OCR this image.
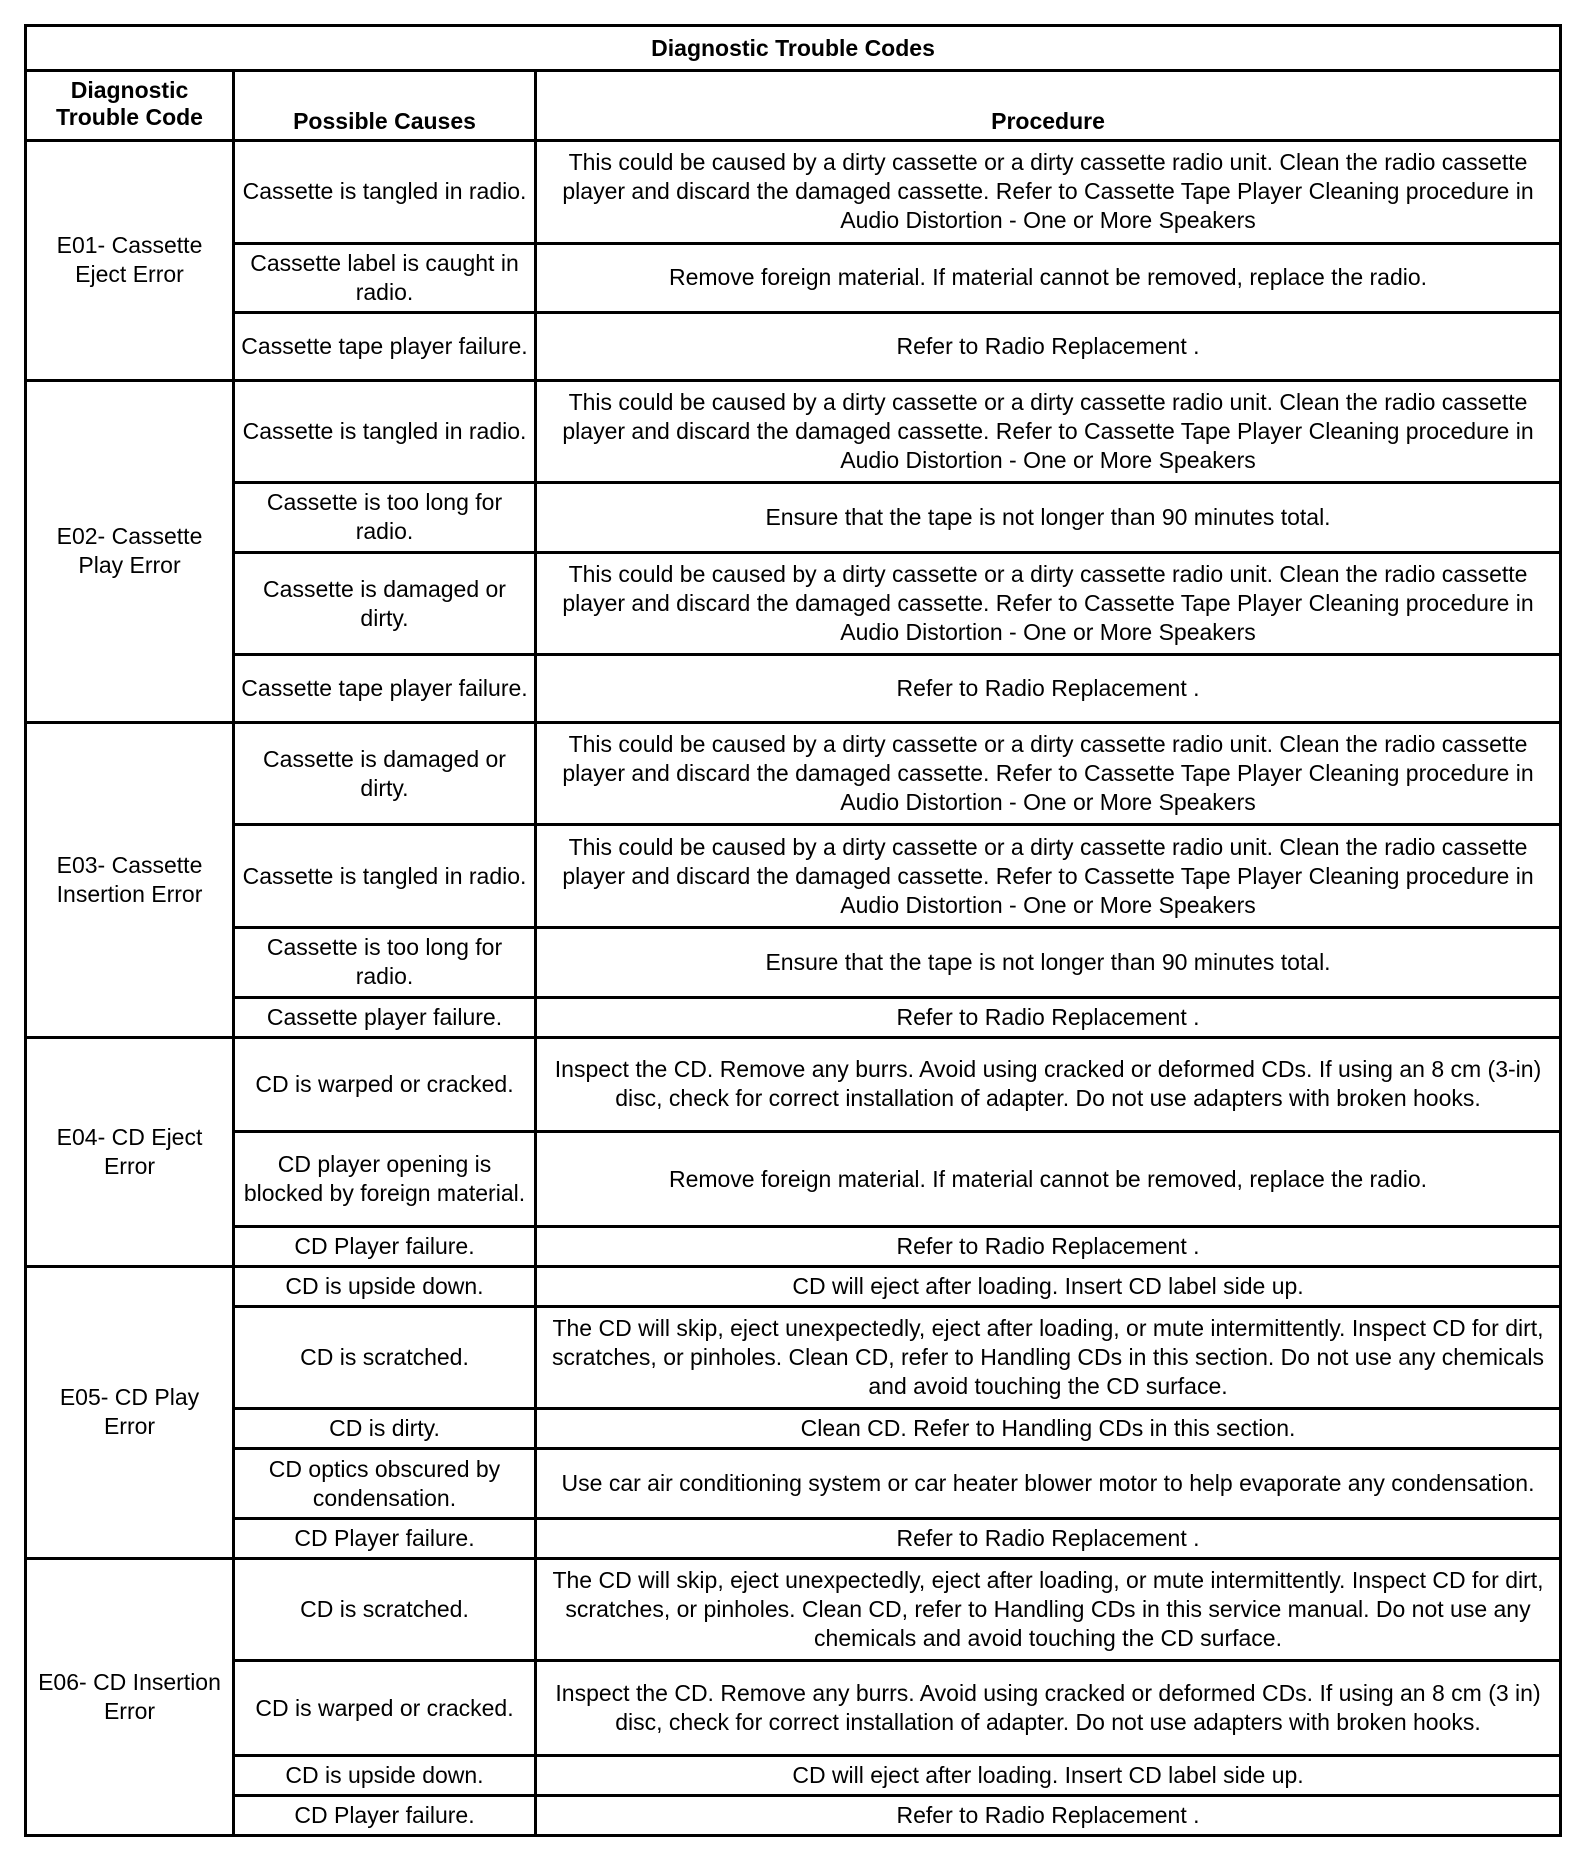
Diagnostic Trouble Codes		
Diagnostic Trouble Code	Possible Causes	Procedure
E01- Cassette Eject Error	Cassette is tangled in radio.	This could be caused by a dirty cassette or a dirty cassette radio unit. Clean the radio cassette player and discard the damaged cassette. Refer to Cassette Tape Player Cleaning procedure in Audio Distortion - One or More Speakers
	Cassette label is caught in radio.	Remove foreign material. If material cannot be removed, replace the radio.
	Cassette tape player failure.	Refer to Radio Replacement .
E02- Cassette Play Error	Cassette is tangled in radio.	This could be caused by a dirty cassette or a dirty cassette radio unit. Clean the radio cassette player and discard the damaged cassette. Refer to Cassette Tape Player Cleaning procedure in Audio Distortion - One or More Speakers
	Cassette is too long for radio.	Ensure that the tape is not longer than 90 minutes total.
	Cassette is damaged or dirty.	This could be caused by a dirty cassette or a dirty cassette radio unit. Clean the radio cassette player and discard the damaged cassette. Refer to Cassette Tape Player Cleaning procedure in Audio Distortion - One or More Speakers
	Cassette tape player failure.	Refer to Radio Replacement .
E03- Cassette Insertion Error	Cassette is damaged or dirty.	This could be caused by a dirty cassette or a dirty cassette radio unit. Clean the radio cassette player and discard the damaged cassette. Refer to Cassette Tape Player Cleaning procedure in Audio Distortion - One or More Speakers
	Cassette is tangled in radio.	This could be caused by a dirty cassette or a dirty cassette radio unit. Clean the radio cassette player and discard the damaged cassette. Refer to Cassette Tape Player Cleaning procedure in Audio Distortion - One or More Speakers
	Cassette is too long for radio.	Ensure that the tape is not longer than 90 minutes total.
	Cassette player failure.	Refer to Radio Replacement .
E04- CD Eject Error	CD is warped or cracked.	Inspect the CD. Remove any burrs. Avoid using cracked or deformed CDs. If using an 8 cm (3-in) disc, check for correct installation of adapter. Do not use adapters with broken hooks.
	CD player opening is blocked by foreign material.	Remove foreign material. If material cannot be removed, replace the radio.
	CD Player failure.	Refer to Radio Replacement .
E05- CD Play Error	CD is upside down.	CD will eject after loading. Insert CD label side up.
	CD is scratched.	The CD will skip, eject unexpectedly, eject after loading, or mute intermittently. Inspect CD for dirt, scratches, or pinholes. Clean CD, refer to Handling CDs in this section. Do not use any chemicals and avoid touching the CD surface.
	CD is dirty.	Clean CD. Refer to Handling CDs in this section.
	CD optics obscured by condensation.	Use car air conditioning system or car heater blower motor to help evaporate any condensation.
	CD Player failure.	Refer to Radio Replacement .
E06- CD Insertion Error	CD is scratched.	The CD will skip, eject unexpectedly, eject after loading, or mute intermittently. Inspect CD for dirt, scratches, or pinholes. Clean CD, refer to Handling CDs in this service manual. Do not use any chemicals and avoid touching the CD surface.
	CD is warped or cracked.	Inspect the CD. Remove any burrs. Avoid using cracked or deformed CDs. If using an 8 cm (3 in) disc, check for correct installation of adapter. Do not use adapters with broken hooks.
	CD is upside down.	CD will eject after loading. Insert CD label side up.
	CD Player failure.	Refer to Radio Replacement .
